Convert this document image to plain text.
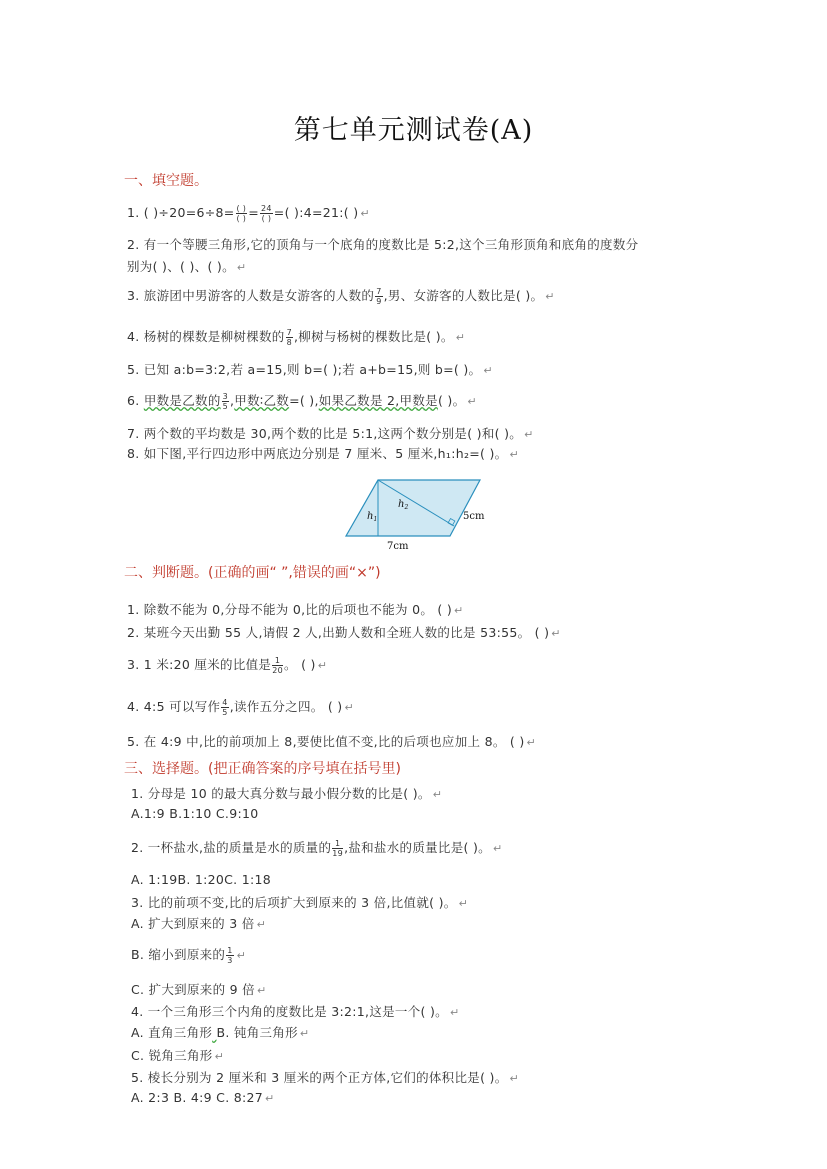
第七单元测试卷(A)
一、填空题。
1. ( )÷20=6÷8= ( )
( ) = 24
( ) =( ):4=21:( ) ↵
2. 有一个等腰三角形,它的顶角与一个底角的度数比是 5:2,这个三角形顶角和底角的度数分
别为( )、( )、( )。 ↵
3. 旅游团中男游客的人数是女游客的人数的 $\frac{7}{9}$ ,男、女游客的人数比是( )。 ↵
4. 杨树的棵数是柳树棵数的 $\frac{7}{8}$ ,柳树与杨树的棵数比是( )。 ↵
5. 已知 a:b=3:2,若 a=15,则 b=( );若 a+b=15,则 b=( )。 ↵
6. 甲数是乙数的 $\frac{3}{5}$ ,甲数∶乙数=( ),如果乙数是 2,甲数是( )。 ↵
7. 两个数的平均数是 30,两个数的比是 5:1,这两个数分别是( )和( )。 ↵
8. 如下图,平行四边形中两底边分别是 7 厘米、5 厘米,h₁:h₂=( )。 ↵
$h_1$
$h_2$
5cm
7cm
二、判断题。(正确的画“ ”,错误的画“×”)
1. 除数不能为 0,分母不能为 0,比的后项也不能为 0。 ( ) ↵
2. 某班今天出勤 55 人,请假 2 人,出勤人数和全班人数的比是 53:55。 ( ) ↵
3. 1 米:20 厘米的比值是 $\frac{1}{20}$ 。 ( ) ↵
4. 4:5 可以写作 $\frac{4}{5}$ ,读作五分之四。 ( ) ↵
5. 在 4:9 中,比的前项加上 8,要使比值不变,比的后项也应加上 8。 ( ) ↵
三、选择题。(把正确答案的序号填在括号里)
1. 分母是 10 的最大真分数与最小假分数的比是( )。 ↵
A.1:9 B.1:10 C.9:10
2. 一杯盐水,盐的质量是水的质量的 $\frac{1}{19}$ ,盐和盐水的质量比是( )。 ↵
A. 1:19B. 1:20C. 1:18
3. 比的前项不变,比的后项扩大到原来的 3 倍,比值就( )。 ↵
A. 扩大到原来的 3 倍 ↵
B. 缩小到原来的 $\frac{1}{3}$ ↵
C. 扩大到原来的 9 倍 ↵
4. 一个三角形三个内角的度数比是 3:2:1,这是一个( )。 ↵
A. 直角三角形 B. 钝角三角形 ↵
C. 锐角三角形 ↵
5. 棱长分别为 2 厘米和 3 厘米的两个正方体,它们的体积比是( )。 ↵
A. 2:3 B. 4:9 C. 8:27 ↵
